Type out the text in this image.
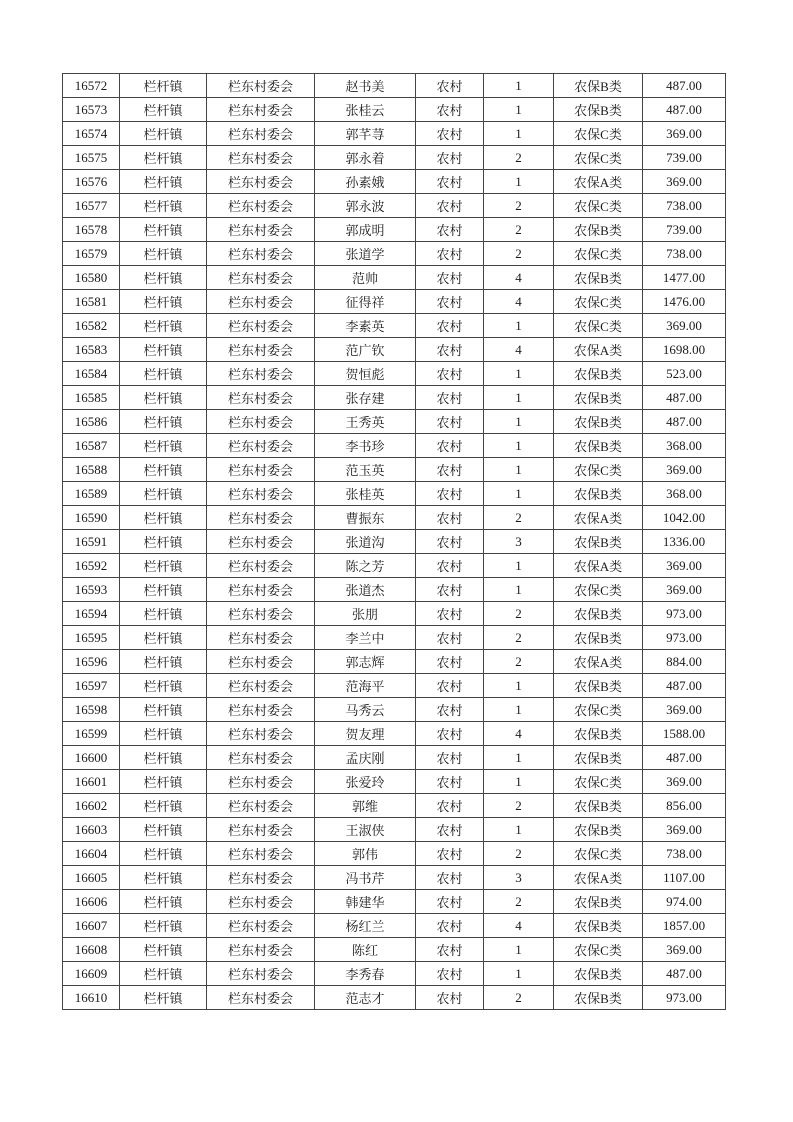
16572	栏杆镇	栏东村委会	赵书美	农村	1	农保B类	487.00
16573	栏杆镇	栏东村委会	张桂云	农村	1	农保B类	487.00
16574	栏杆镇	栏东村委会	郭芊荨	农村	1	农保C类	369.00
16575	栏杆镇	栏东村委会	郭永着	农村	2	农保C类	739.00
16576	栏杆镇	栏东村委会	孙素娥	农村	1	农保A类	369.00
16577	栏杆镇	栏东村委会	郭永波	农村	2	农保C类	738.00
16578	栏杆镇	栏东村委会	郭成明	农村	2	农保B类	739.00
16579	栏杆镇	栏东村委会	张道学	农村	2	农保C类	738.00
16580	栏杆镇	栏东村委会	范帅	农村	4	农保B类	1477.00
16581	栏杆镇	栏东村委会	征得祥	农村	4	农保C类	1476.00
16582	栏杆镇	栏东村委会	李素英	农村	1	农保C类	369.00
16583	栏杆镇	栏东村委会	范广钦	农村	4	农保A类	1698.00
16584	栏杆镇	栏东村委会	贺恒彪	农村	1	农保B类	523.00
16585	栏杆镇	栏东村委会	张存建	农村	1	农保B类	487.00
16586	栏杆镇	栏东村委会	王秀英	农村	1	农保B类	487.00
16587	栏杆镇	栏东村委会	李书珍	农村	1	农保B类	368.00
16588	栏杆镇	栏东村委会	范玉英	农村	1	农保C类	369.00
16589	栏杆镇	栏东村委会	张桂英	农村	1	农保B类	368.00
16590	栏杆镇	栏东村委会	曹振东	农村	2	农保A类	1042.00
16591	栏杆镇	栏东村委会	张道沟	农村	3	农保B类	1336.00
16592	栏杆镇	栏东村委会	陈之芳	农村	1	农保A类	369.00
16593	栏杆镇	栏东村委会	张道杰	农村	1	农保C类	369.00
16594	栏杆镇	栏东村委会	张朋	农村	2	农保B类	973.00
16595	栏杆镇	栏东村委会	李兰中	农村	2	农保B类	973.00
16596	栏杆镇	栏东村委会	郭志辉	农村	2	农保A类	884.00
16597	栏杆镇	栏东村委会	范海平	农村	1	农保B类	487.00
16598	栏杆镇	栏东村委会	马秀云	农村	1	农保C类	369.00
16599	栏杆镇	栏东村委会	贺友理	农村	4	农保B类	1588.00
16600	栏杆镇	栏东村委会	孟庆刚	农村	1	农保B类	487.00
16601	栏杆镇	栏东村委会	张爱玲	农村	1	农保C类	369.00
16602	栏杆镇	栏东村委会	郭维	农村	2	农保B类	856.00
16603	栏杆镇	栏东村委会	王淑侠	农村	1	农保B类	369.00
16604	栏杆镇	栏东村委会	郭伟	农村	2	农保C类	738.00
16605	栏杆镇	栏东村委会	冯书芹	农村	3	农保A类	1107.00
16606	栏杆镇	栏东村委会	韩建华	农村	2	农保B类	974.00
16607	栏杆镇	栏东村委会	杨红兰	农村	4	农保B类	1857.00
16608	栏杆镇	栏东村委会	陈红	农村	1	农保C类	369.00
16609	栏杆镇	栏东村委会	李秀春	农村	1	农保B类	487.00
16610	栏杆镇	栏东村委会	范志才	农村	2	农保B类	973.00
